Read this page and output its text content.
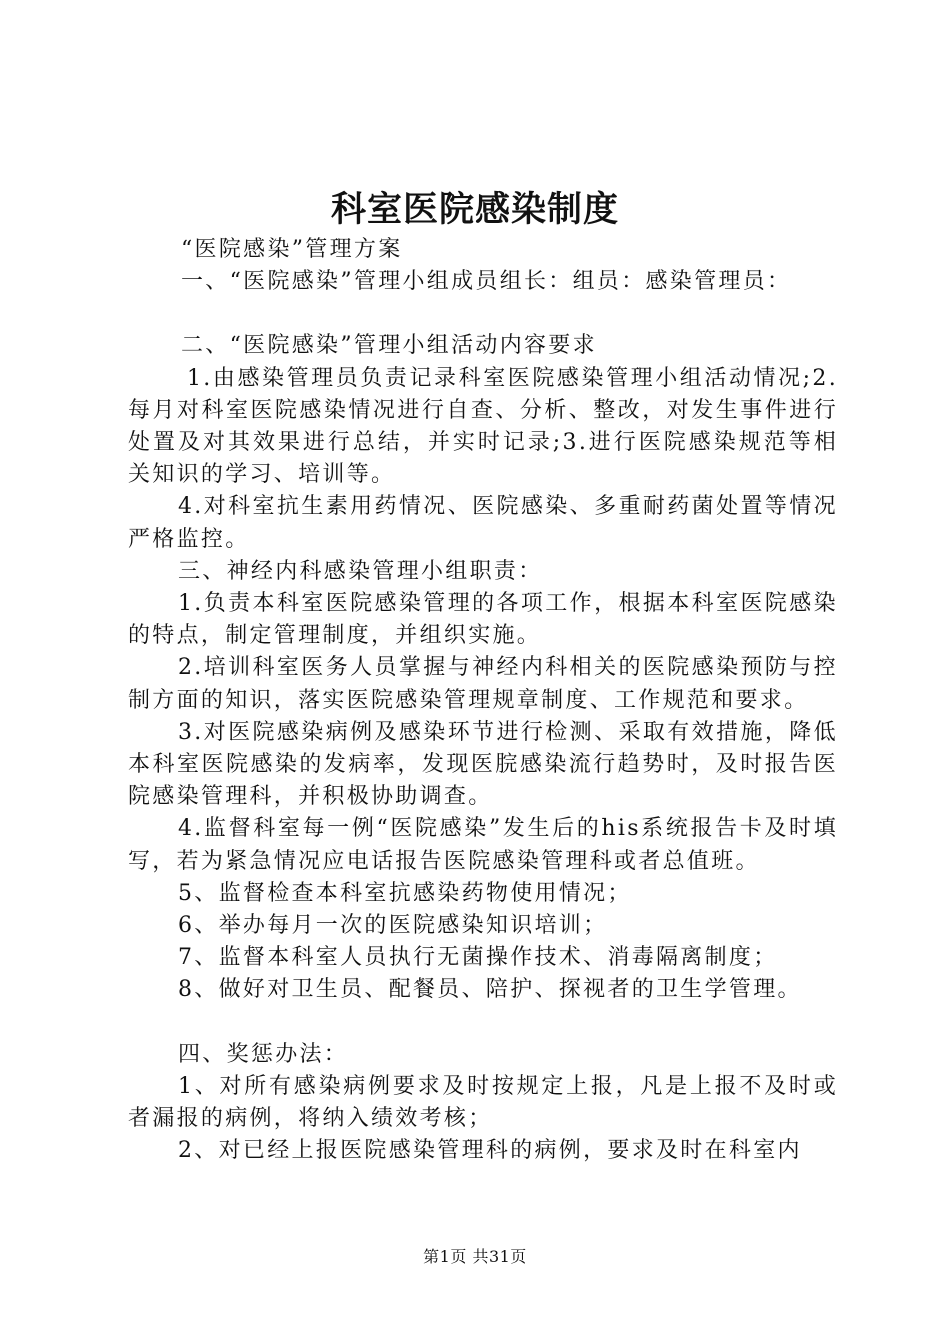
科室医院感染制度

“医院感染”管理方案

一、“医院感染”管理小组成员组长：组员：感染管理员：

二、“医院感染”管理小组活动内容要求

1.由感染管理员负责记录科室医院感染管理小组活动情况;2.每月对科室医院感染情况进行自查、分析、整改，对发生事件进行处置及对其效果进行总结，并实时记录;3.进行医院感染规范等相关知识的学习、培训等。

4.对科室抗生素用药情况、医院感染、多重耐药菌处置等情况严格监控。

三、神经内科感染管理小组职责：

1.负责本科室医院感染管理的各项工作，根据本科室医院感染的特点，制定管理制度，并组织实施。

2.培训科室医务人员掌握与神经内科相关的医院感染预防与控制方面的知识，落实医院感染管理规章制度、工作规范和要求。

3.对医院感染病例及感染环节进行检测、采取有效措施，降低本科室医院感染的发病率，发现医脘感染流行趋势时，及时报告医院感染管理科，并积极协助调查。

4.监督科室每一例“医院感染”发生后的his系统报告卡及时填写，若为紧急情况应电话报告医院感染管理科或者总值班。

5、监督检查本科室抗感染药物使用情况；

6、举办每月一次的医院感染知识培训；

7、监督本科室人员执行无菌操作技术、消毒隔离制度；

8、做好对卫生员、配餐员、陪护、探视者的卫生学管理。

四、奖惩办法：

1、对所有感染病例要求及时按规定上报，凡是上报不及时或者漏报的病例，将纳入绩效考核；

2、对已经上报医院感染管理科的病例，要求及时在科室内

第1页 共31页
